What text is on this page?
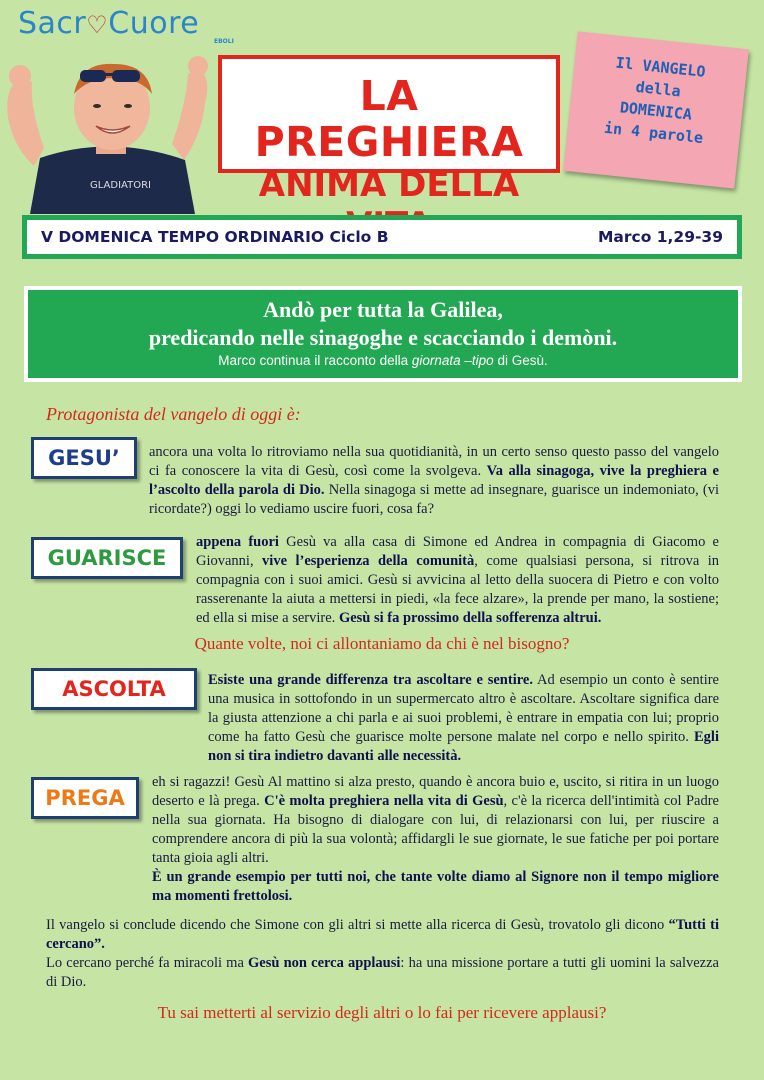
Sacr♡Cuore
EBOLI
GLADIATORI
LA PREGHIERA
ANIMA DELLA
Il VANGELO
della
DOMENICA
in 4 parole
V DOMENICA TEMPO ORDINARIO Ciclo B	Marco 1,29-39
Andò per tutta la Galilea,
predicando nelle sinagoghe e scacciando i demòni.
Marco continua il racconto della giornata –tipo di Gesù.
Protagonista del vangelo di oggi è:
GESU’
GUARISCE
ASCOLTA
PREGA
ancora una volta lo ritroviamo nella sua quotidianità, in un certo senso questo passo del vangelo ci fa conoscere la vita di Gesù, così come la svolgeva. Va alla sinagoga, vive la preghiera e l’ascolto della parola di Dio. Nella sinagoga si mette ad insegnare, guarisce un indemoniato, (vi ricordate?) oggi lo vediamo uscire fuori, cosa fa?
appena fuori Gesù va alla casa di Simone ed Andrea in compagnia di Giacomo e Giovanni, vive l’esperienza della comunità, come qualsiasi persona, si ritrova in compagnia con i suoi amici. Gesù si avvicina al letto della suocera di Pietro e con volto rasserenante la aiuta a mettersi in piedi, «la fece alzare», la prende per mano, la sostiene; ed ella si mise a servire. Gesù si fa prossimo della sofferenza altrui.
Quante volte, noi ci allontaniamo da chi è nel bisogno?
Esiste una grande differenza tra ascoltare e sentire. Ad esempio un conto è sentire una musica in sottofondo in un supermercato altro è ascoltare. Ascoltare significa dare la giusta attenzione a chi parla e ai suoi problemi, è entrare in empatia con lui; proprio come ha fatto Gesù che guarisce molte persone malate nel corpo e nello spirito. Egli non si tira indietro davanti alle necessità.
eh si ragazzi! Gesù Al mattino si alza presto, quando è ancora buio e, uscito, si ritira in un luogo deserto e là prega. C'è molta preghiera nella vita di Gesù, c'è la ricerca dell'intimità col Padre nella sua giornata. Ha bisogno di dialogare con lui, di relazionarsi con lui, per riuscire a comprendere ancora di più la sua volontà; affidargli le sue giornate, le sue fatiche per poi portare tanta gioia agli altri.
È un grande esempio per tutti noi, che tante volte diamo al Signore non il tempo migliore ma momenti frettolosi.
Il vangelo si conclude dicendo che Simone con gli altri si mette alla ricerca di Gesù, trovatolo gli dicono “Tutti ti cercano”.
Lo cercano perché fa miracoli ma Gesù non cerca applausi: ha una missione portare a tutti gli uomini la salvezza di Dio.
Tu sai metterti al servizio degli altri o lo fai per ricevere applausi?
